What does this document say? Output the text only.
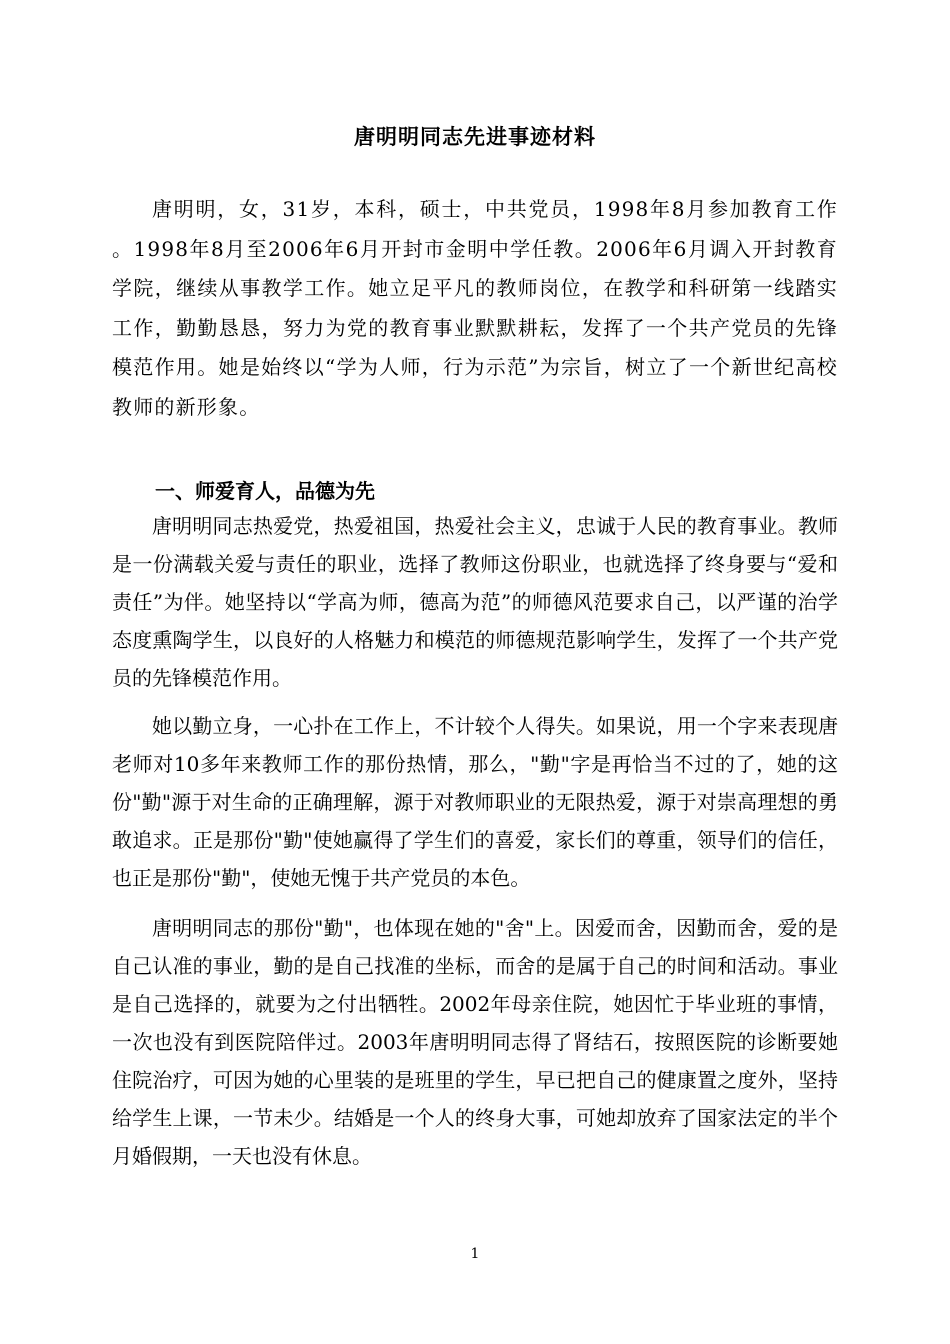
唐明明同志先进事迹材料

唐明明，女，31岁，本科，硕士，中共党员，1998年8月参加教育工作 。1998年8月至2006年6月开封市金明中学任教。2006年6月调入开封教育学院，继续从事教学工作。她立足平凡的教师岗位，在教学和科研第一线踏实工作，勤勤恳恳，努力为党的教育事业默默耕耘，发挥了一个共产党员的先锋模范作用。她是始终以“学为人师，行为示范”为宗旨，树立了一个新世纪高校教师的新形象。

一、师爱育人，品德为先

唐明明同志热爱党，热爱祖国，热爱社会主义，忠诚于人民的教育事业。教师是一份满载关爱与责任的职业，选择了教师这份职业，也就选择了终身要与“爱和责任”为伴。她坚持以“学高为师，德高为范”的师德风范要求自己，以严谨的治学态度熏陶学生，以良好的人格魅力和模范的师德规范影响学生，发挥了一个共产党员的先锋模范作用。

她以勤立身，一心扑在工作上，不计较个人得失。如果说，用一个字来表现唐老师对10多年来教师工作的那份热情，那么，"勤"字是再恰当不过的了，她的这份"勤"源于对生命的正确理解，源于对教师职业的无限热爱，源于对崇高理想的勇敢追求。正是那份"勤"使她赢得了学生们的喜爱，家长们的尊重，领导们的信任，也正是那份"勤"，使她无愧于共产党员的本色。

唐明明同志的那份"勤"，也体现在她的"舍"上。因爱而舍，因勤而舍，爱的是自己认准的事业，勤的是自己找准的坐标，而舍的是属于自己的时间和活动。事业是自己选择的，就要为之付出牺牲。2002年母亲住院，她因忙于毕业班的事情，一次也没有到医院陪伴过。2003年唐明明同志得了肾结石，按照医院的诊断要她住院治疗，可因为她的心里装的是班里的学生，早已把自己的健康置之度外，坚持给学生上课，一节未少。结婚是一个人的终身大事，可她却放弃了国家法定的半个月婚假期，一天也没有休息。

1
